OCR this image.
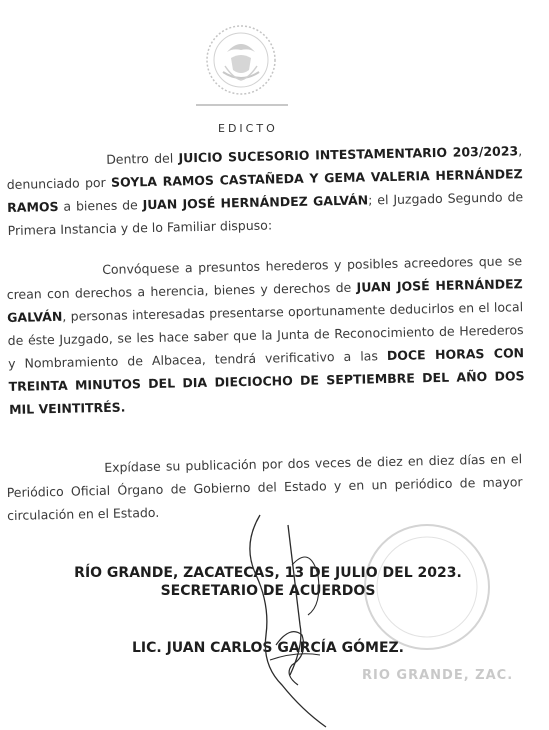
EDICTO
Dentro del JUICIO SUCESORIO INTESTAMENTARIO 203/2023, denunciado por SOYLA RAMOS CASTAÑEDA Y GEMA VALERIA HERNÁNDEZ RAMOS a bienes de JUAN JOSÉ HERNÁNDEZ GALVÁN; el Juzgado Segundo de Primera Instancia y de lo Familiar dispuso:
Convóquese a presuntos herederos y posibles acreedores que se crean con derechos a herencia, bienes y derechos de JUAN JOSÉ HERNÁNDEZ GALVÁN, personas interesadas presentarse oportunamente deducirlos en el local de éste Juzgado, se les hace saber que la Junta de Reconocimiento de Herederos y Nombramiento de Albacea, tendrá verificativo a las DOCE HORAS CON TREINTA MINUTOS DEL DIA DIECIOCHO DE SEPTIEMBRE DEL AÑO DOS MIL VEINTITRÉS.
Expídase su publicación por dos veces de diez en diez días en el Periódico Oficial Órgano de Gobierno del Estado y en un periódico de mayor circulación en el Estado.
RÍO GRANDE, ZACATECAS, 13 DE JULIO DEL 2023.
SECRETARIO DE ACUERDOS
LIC. JUAN CARLOS GARCÍA GÓMEZ.
RIO GRANDE, ZAC.
